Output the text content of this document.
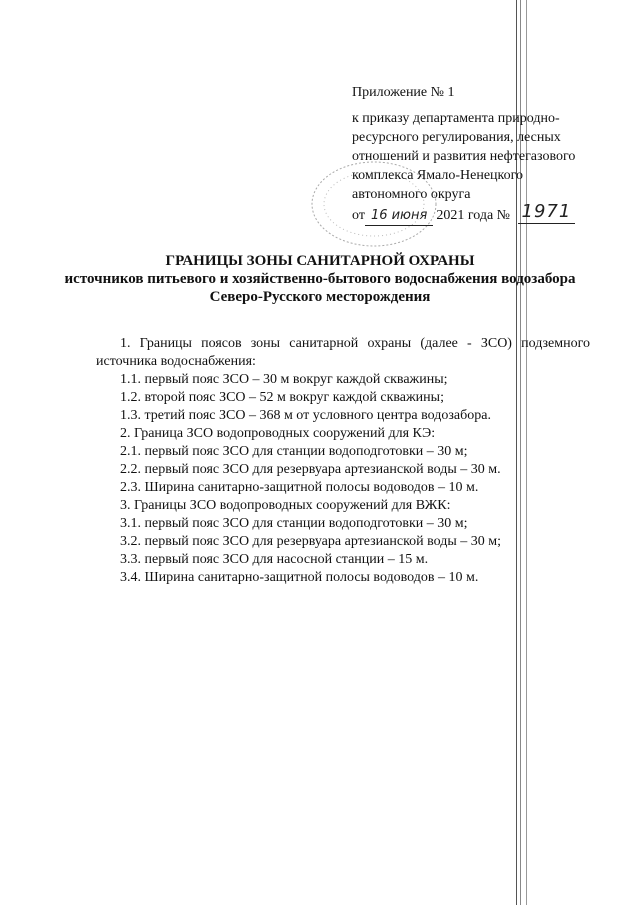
Приложение № 1
к приказу департамента природно-
ресурсного регулирования, лесных
отношений и развития нефтегазового
комплекса Ямало-Ненецкого
автономного округа
от 16 июня 2021 года № 1971
ГРАНИЦЫ ЗОНЫ САНИТАРНОЙ ОХРАНЫ
источников питьевого и хозяйственно-бытового водоснабжения водозабора
Северо-Русского месторождения
1. Границы поясов зоны санитарной охраны (далее - ЗСО) подземного источника водоснабжения:
1.1. первый пояс ЗСО – 30 м вокруг каждой скважины;
1.2. второй пояс ЗСО – 52 м вокруг каждой скважины;
1.3. третий пояс ЗСО – 368 м от условного центра водозабора.
2. Граница ЗСО водопроводных сооружений для КЭ:
2.1. первый пояс ЗСО для станции водоподготовки – 30 м;
2.2. первый пояс ЗСО для резервуара артезианской воды – 30 м.
2.3. Ширина санитарно-защитной полосы водоводов – 10 м.
3. Границы ЗСО водопроводных сооружений для ВЖК:
3.1. первый пояс ЗСО для станции водоподготовки – 30 м;
3.2. первый пояс ЗСО для резервуара артезианской воды – 30 м;
3.3. первый пояс ЗСО для насосной станции – 15 м.
3.4. Ширина санитарно-защитной полосы водоводов – 10 м.
